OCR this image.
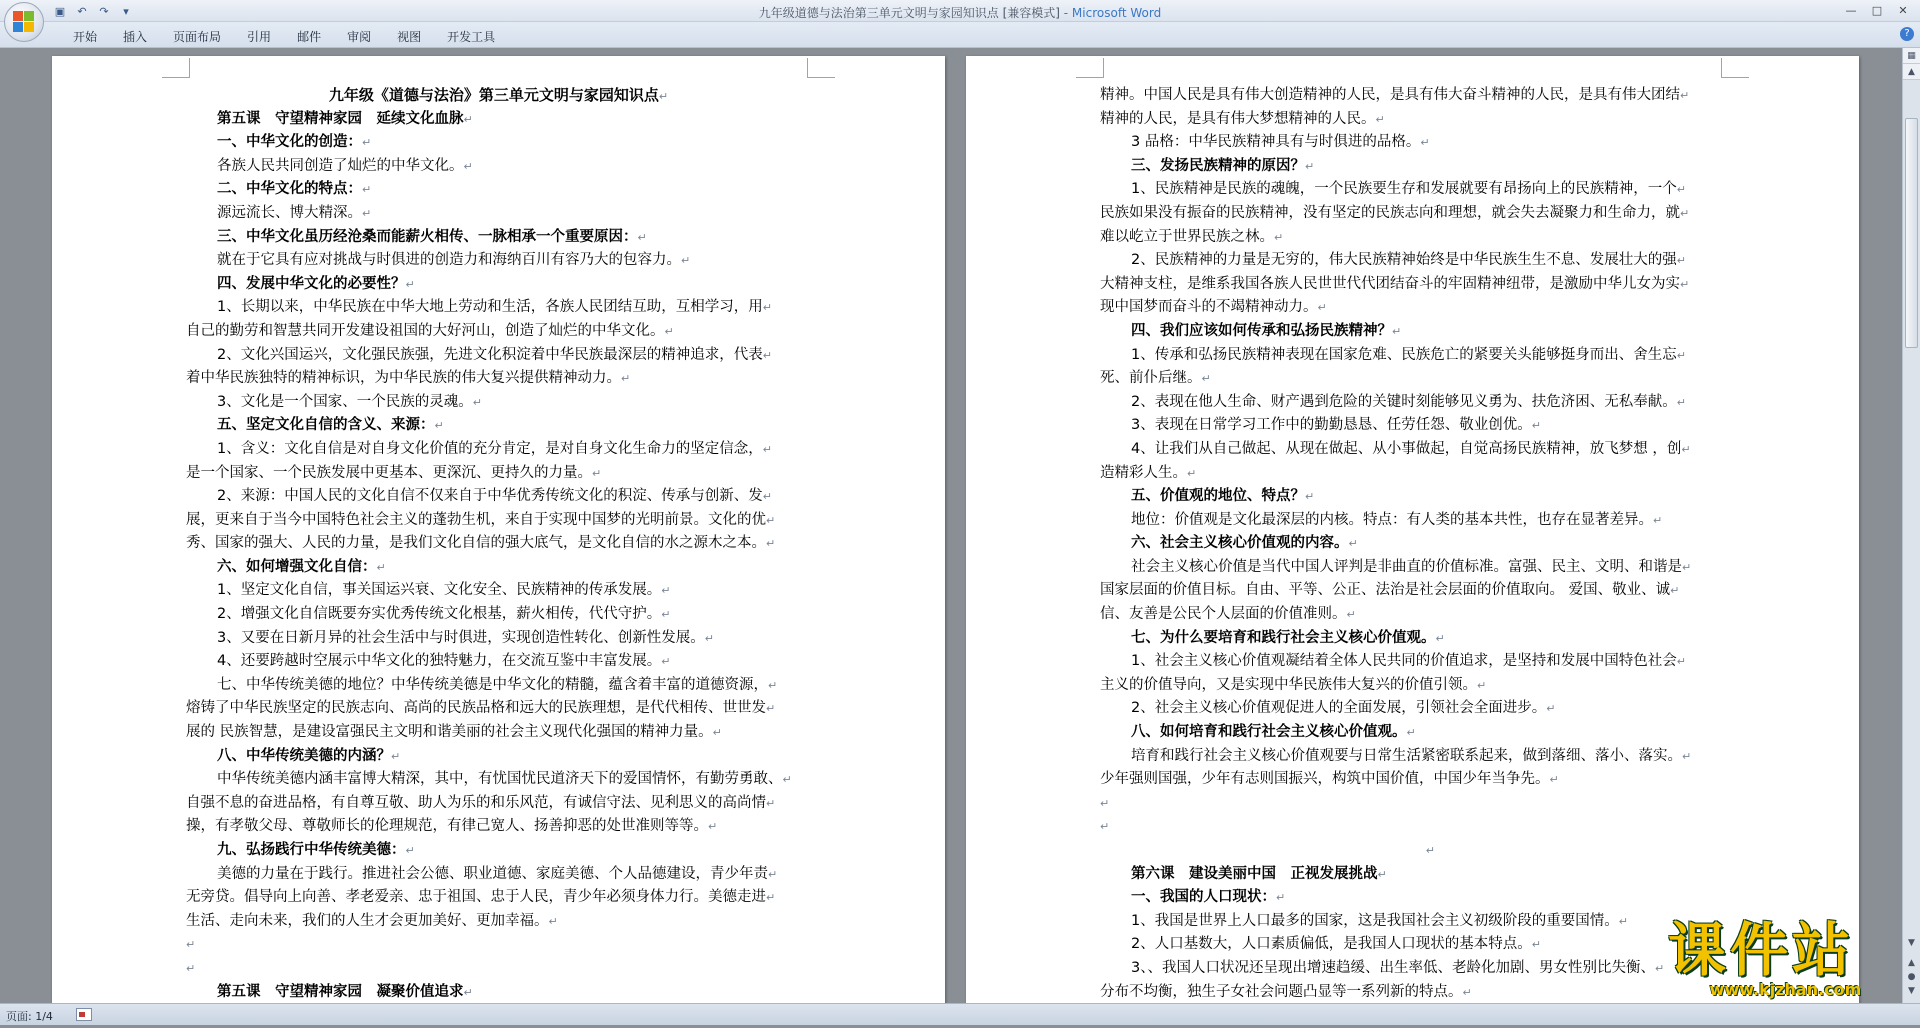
▣	↶	↷	▾	九年级道德与法治第三单元文明与家园知识点 [兼容模式] - Microsoft Word	—	□	✕
开始	插入	页面布局	引用	邮件	审阅	视图	开发工具	?
九年级《道德与法治》第三单元文明与家园知识点↵
第五课　守望精神家园　延续文化血脉↵
一、中华文化的创造：↵
各族人民共同创造了灿烂的中华文化。↵
二、中华文化的特点：↵
源远流长、博大精深。↵
三、中华文化虽历经沧桑而能薪火相传、一脉相承一个重要原因：↵
就在于它具有应对挑战与时俱进的创造力和海纳百川有容乃大的包容力。↵
四、发展中华文化的必要性？↵
1、长期以来，中华民族在中华大地上劳动和生活，各族人民团结互助，互相学习，用↵
自己的勤劳和智慧共同开发建设祖国的大好河山，创造了灿烂的中华文化。↵
2、文化兴国运兴，文化强民族强，先进文化积淀着中华民族最深层的精神追求，代表↵
着中华民族独特的精神标识，为中华民族的伟大复兴提供精神动力。↵
3、文化是一个国家、一个民族的灵魂。↵
五、坚定文化自信的含义、来源：↵
1、含义：文化自信是对自身文化价值的充分肯定，是对自身文化生命力的坚定信念，↵
是一个国家、一个民族发展中更基本、更深沉、更持久的力量。↵
2、来源：中国人民的文化自信不仅来自于中华优秀传统文化的积淀、传承与创新、发↵
展，更来自于当今中国特色社会主义的蓬勃生机，来自于实现中国梦的光明前景。文化的优↵
秀、国家的强大、人民的力量，是我们文化自信的强大底气，是文化自信的水之源木之本。↵
六、如何增强文化自信：↵
1、坚定文化自信，事关国运兴衰、文化安全、民族精神的传承发展。↵
2、增强文化自信既要夯实优秀传统文化根基，薪火相传，代代守护。↵
3、又要在日新月异的社会生活中与时俱进，实现创造性转化、创新性发展。↵
4、还要跨越时空展示中华文化的独特魅力，在交流互鉴中丰富发展。↵
七、中华传统美德的地位？中华传统美德是中华文化的精髓，蕴含着丰富的道德资源，↵
熔铸了中华民族坚定的民族志向、高尚的民族品格和远大的民族理想，是代代相传、世世发↵
展的 民族智慧，是建设富强民主文明和谐美丽的社会主义现代化强国的精神力量。↵
八、中华传统美德的内涵？↵
中华传统美德内涵丰富博大精深，其中，有忧国忧民道济天下的爱国情怀，有勤劳勇敢、↵
自强不息的奋进品格，有自尊互敬、助人为乐的和乐风范，有诚信守法、见利思义的高尚情↵
操，有孝敬父母、尊敬师长的伦理规范，有律己宽人、扬善抑恶的处世准则等等。↵
九、弘扬践行中华传统美德：↵
美德的力量在于践行。推进社会公德、职业道德、家庭美德、个人品德建设，青少年责↵
无旁贷。倡导向上向善、孝老爱亲、忠于祖国、忠于人民，青少年必须身体力行。美德走进↵
生活、走向未来，我们的人生才会更加美好、更加幸福。↵
↵
↵
第五课　守望精神家园　凝聚价值追求↵
精神。中国人民是具有伟大创造精神的人民，是具有伟大奋斗精神的人民，是具有伟大团结↵
精神的人民，是具有伟大梦想精神的人民。↵
3 品格：中华民族精神具有与时俱进的品格。↵
三、发扬民族精神的原因？↵
1、民族精神是民族的魂魄，一个民族要生存和发展就要有昂扬向上的民族精神，一个↵
民族如果没有振奋的民族精神，没有坚定的民族志向和理想，就会失去凝聚力和生命力，就↵
难以屹立于世界民族之林。↵
2、民族精神的力量是无穷的，伟大民族精神始终是中华民族生生不息、发展壮大的强↵
大精神支柱，是维系我国各族人民世世代代团结奋斗的牢固精神纽带，是激励中华儿女为实↵
现中国梦而奋斗的不竭精神动力。↵
四、我们应该如何传承和弘扬民族精神？↵
1、传承和弘扬民族精神表现在国家危难、民族危亡的紧要关头能够挺身而出、舍生忘↵
死、前仆后继。↵
2、表现在他人生命、财产遇到危险的关键时刻能够见义勇为、扶危济困、无私奉献。↵
3、表现在日常学习工作中的勤勤恳恳、任劳任怨、敬业创优。↵
4、让我们从自己做起、从现在做起、从小事做起，自觉高扬民族精神，放飞梦想 ，创↵
造精彩人生。↵
五、价值观的地位、特点？↵
地位：价值观是文化最深层的内核。特点：有人类的基本共性，也存在显著差异。↵
六、社会主义核心价值观的内容。↵
社会主义核心价值是当代中国人评判是非曲直的价值标准。富强、民主、文明、和谐是↵
国家层面的价值目标。自由、平等、公正、法治是社会层面的价值取向。 爱国、敬业、诚↵
信、友善是公民个人层面的价值准则。↵
七、为什么要培育和践行社会主义核心价值观。↵
1、社会主义核心价值观凝结着全体人民共同的价值追求，是坚持和发展中国特色社会↵
主义的价值导向，又是实现中华民族伟大复兴的价值引领。↵
2、社会主义核心价值观促进人的全面发展，引领社会全面进步。↵
八、如何培育和践行社会主义核心价值观。↵
培育和践行社会主义核心价值观要与日常生活紧密联系起来，做到落细、落小、落实。↵
少年强则国强，少年有志则国振兴，构筑中国价值，中国少年当争先。↵
↵
↵
↵
第六课　建设美丽中国　正视发展挑战↵
一、我国的人口现状：↵
1、我国是世界上人口最多的国家，这是我国社会主义初级阶段的重要国情。↵
2、人口基数大，人口素质偏低，是我国人口现状的基本特点。↵
3、、我国人口状况还呈现出增速趋缓、出生率低、老龄化加剧、男女性别比失衡、↵
分布不均衡，独生子女社会问题凸显等一系列新的特点。↵
▦
▲
▼
▲
●
▼
课件站
www.kjzhan.com
页面: 1/4
